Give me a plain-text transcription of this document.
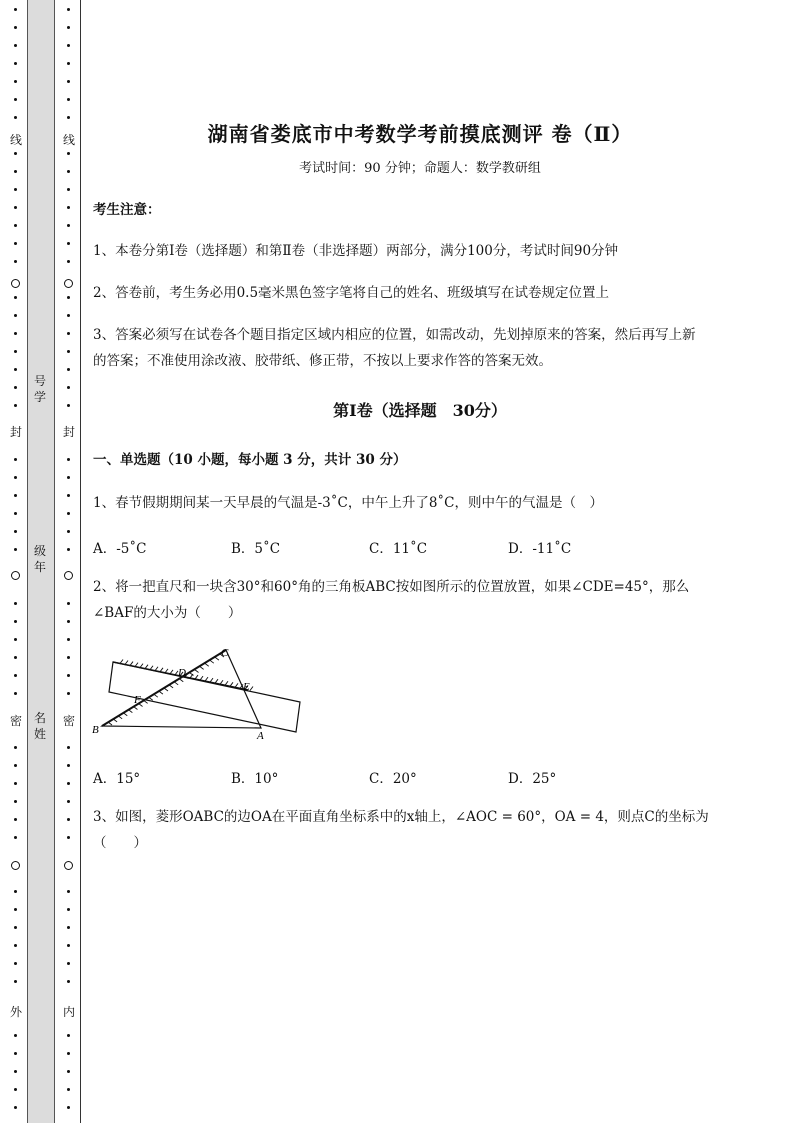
线
封
密
外
线
封
密
内
号学
级年
名姓
湖南省娄底市中考数学考前摸底测评 卷（Ⅱ）
考试时间：90 分钟；命题人：数学教研组
考生注意：
1、本卷分第Ⅰ卷（选择题）和第Ⅱ卷（非选择题）两部分，满分100分，考试时间90分钟
2、答卷前，考生务必用0.5毫米黑色签字笔将自己的姓名、班级填写在试卷规定位置上
3、答案必须写在试卷各个题目指定区域内相应的位置，如需改动，先划掉原来的答案，然后再写上新
的答案；不准使用涂改液、胶带纸、修正带，不按以上要求作答的答案无效。
第Ⅰ卷（选择题　30分）
一、单选题（10 小题，每小题 3 分，共计 30 分）
1、春节假期期间某一天早晨的气温是-3˚C，中午上升了8˚C，则中午的气温是（　）
A．-5˚C	B．5˚C	C．11˚C	D．-11˚C
2、将一把直尺和一块含30°和60°角的三角板ABC按如图所示的位置放置，如果∠CDE=45°，那么
∠BAF的大小为（　　）
C
D
E
F
B	A
A．15°	B．10°	C．20°	D．25°
3、如图，菱形OABC的边OA在平面直角坐标系中的x轴上，∠AOC = 60°，OA = 4，则点C的坐标为
（　　）
